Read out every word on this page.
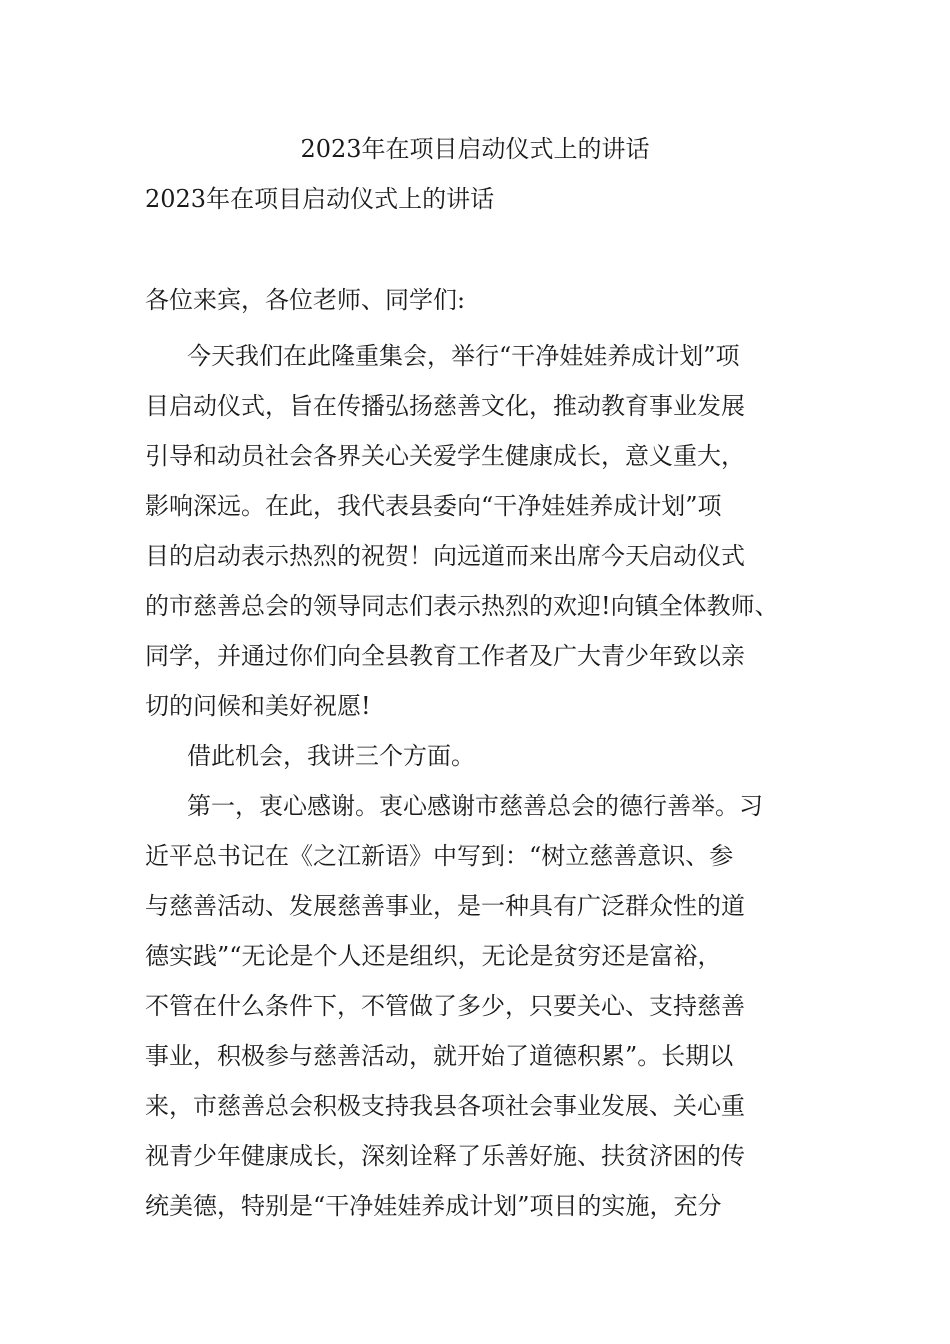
2023年在项目启动仪式上的讲话

2023年在项目启动仪式上的讲话

各位来宾，各位老师、同学们:

今天我们在此隆重集会，举行“干净娃娃养成计划”项

目启动仪式，旨在传播弘扬慈善文化，推动教育事业发展

引导和动员社会各界关心关爱学生健康成长，意义重大，

影响深远。在此，我代表县委向“干净娃娃养成计划”项

目的启动表示热烈的祝贺！向远道而来出席今天启动仪式

的市慈善总会的领导同志们表示热烈的欢迎!向镇全体教师、

同学，并通过你们向全县教育工作者及广大青少年致以亲

切的问候和美好祝愿!

借此机会，我讲三个方面。

第一，衷心感谢。衷心感谢市慈善总会的德行善举。习

近平总书记在《之江新语》中写到：“树立慈善意识、参

与慈善活动、发展慈善事业，是一种具有广泛群众性的道

德实践”“无论是个人还是组织，无论是贫穷还是富裕，

不管在什么条件下，不管做了多少，只要关心、支持慈善

事业，积极参与慈善活动，就开始了道德积累”。长期以

来，市慈善总会积极支持我县各项社会事业发展、关心重

视青少年健康成长，深刻诠释了乐善好施、扶贫济困的传

统美德，特别是“干净娃娃养成计划”项目的实施，充分
